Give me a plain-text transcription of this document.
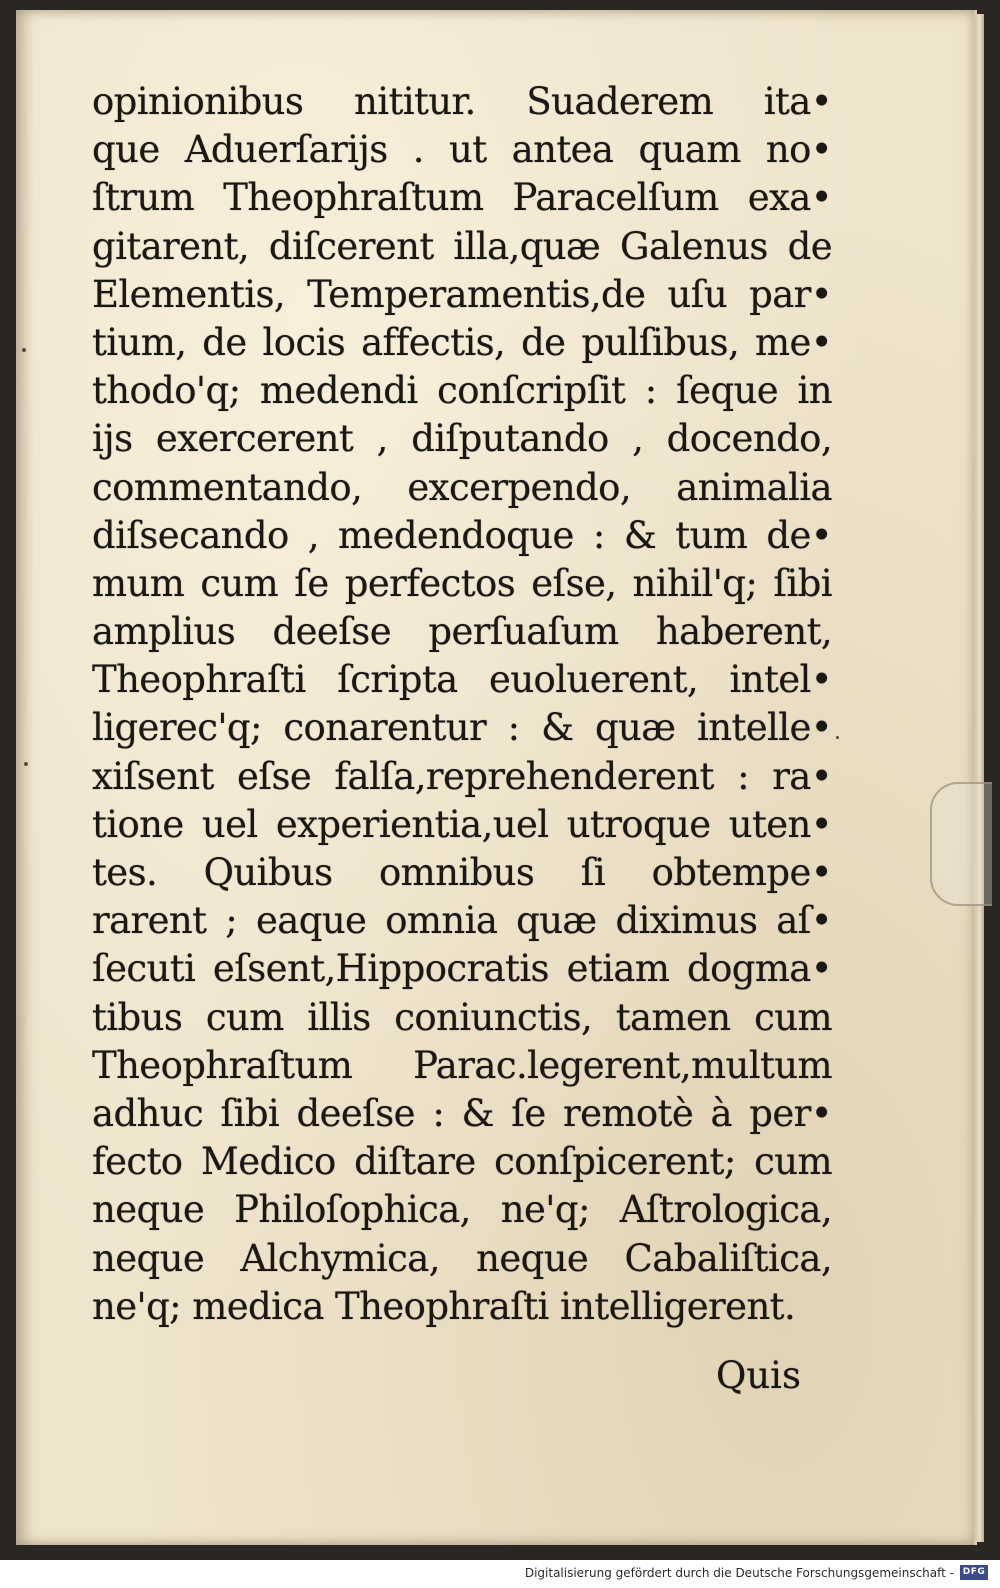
opinionibus nititur. Suaderem ita•
que Aduerſarijs . ut antea quam no•
ſtrum Theophraſtum Paracelſum exa•
gitarent, diſcerent illa,quæ Galenus de
Elementis, Temperamentis,de uſu par•
tium, de locis affectis, de pulſibus, me•
thodo'q; medendi conſcripſit : ſeque in
ijs exercerent , diſputando , docendo,
commentando, excerpendo, animalia
diſsecando , medendoque : & tum de•
mum cum ſe perfectos eſse, nihil'q; ſibi
amplius deeſse perſuaſum haberent,
Theophraſti ſcripta euoluerent, intel•
ligerec'q; conarentur : & quæ intelle•
xiſsent eſse falſa,reprehenderent : ra•
tione uel experientia,uel utroque uten•
tes. Quibus omnibus ſi obtempe•
rarent ; eaque omnia quæ diximus aſ•
ſecuti eſsent,Hippocratis etiam dogma•
tibus cum illis coniunctis, tamen cum
Theophraſtum Parac.legerent,multum
adhuc ſibi deeſse : & ſe remotè à per•
fecto Medico diſtare conſpicerent; cum
neque Philoſophica, ne'q; Aſtrologica,
neque Alchymica, neque Cabaliſtica,
ne'q; medica Theophraſti intelligerent.
Quis
Digitalisierung gefördert durch die Deutsche Forschungsgemeinschaft - DFG
